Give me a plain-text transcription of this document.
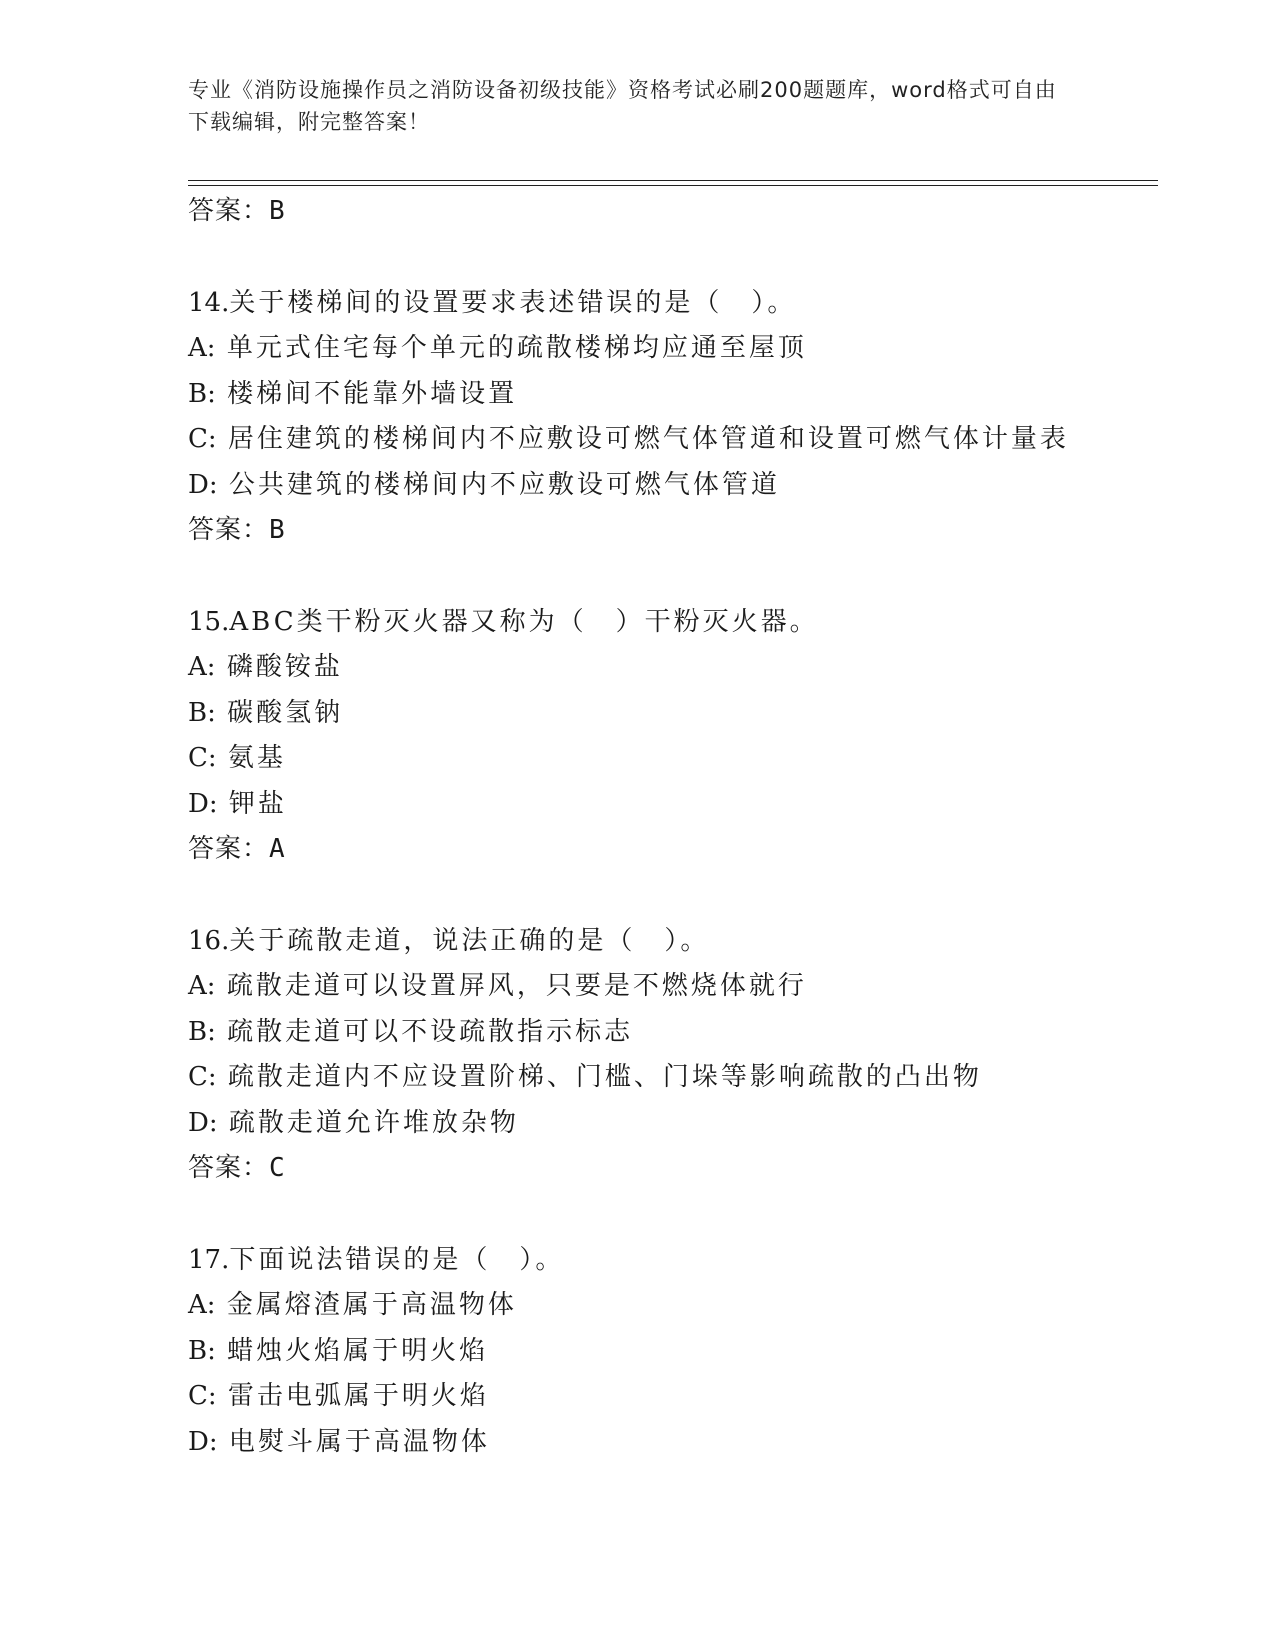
专业《消防设施操作员之消防设备初级技能》资格考试必刷200题题库，word格式可自由下载编辑，附完整答案！
答案：B
14.关于楼梯间的设置要求表述错误的是（　）。
A: 单元式住宅每个单元的疏散楼梯均应通至屋顶
B: 楼梯间不能靠外墙设置
C: 居住建筑的楼梯间内不应敷设可燃气体管道和设置可燃气体计量表
D: 公共建筑的楼梯间内不应敷设可燃气体管道
答案：B
15.ABC类干粉灭火器又称为（　）干粉灭火器。
A: 磷酸铵盐
B: 碳酸氢钠
C: 氨基
D: 钾盐
答案：A
16.关于疏散走道，说法正确的是（　）。
A: 疏散走道可以设置屏风，只要是不燃烧体就行
B: 疏散走道可以不设疏散指示标志
C: 疏散走道内不应设置阶梯、门槛、门垛等影响疏散的凸出物
D: 疏散走道允许堆放杂物
答案：C
17.下面说法错误的是（　）。
A: 金属熔渣属于高温物体
B: 蜡烛火焰属于明火焰
C: 雷击电弧属于明火焰
D: 电熨斗属于高温物体
